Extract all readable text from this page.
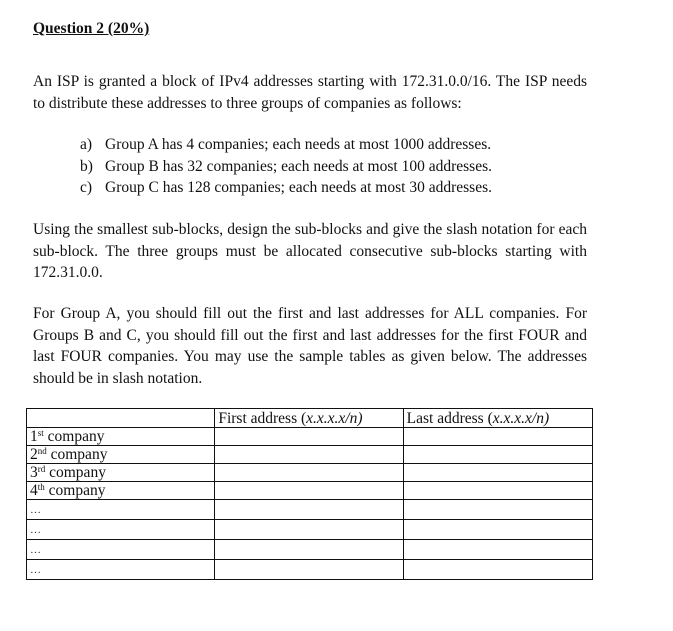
Question 2 (20%)

An ISP is granted a block of IPv4 addresses starting with 172.31.0.0/16. The ISP needs to distribute these addresses to three groups of companies as follows:

a) Group A has 4 companies; each needs at most 1000 addresses.
b) Group B has 32 companies; each needs at most 100 addresses.
c) Group C has 128 companies; each needs at most 30 addresses.

Using the smallest sub-blocks, design the sub-blocks and give the slash notation for each sub-block. The three groups must be allocated consecutive sub-blocks starting with 172.31.0.0.

For Group A, you should fill out the first and last addresses for ALL companies. For Groups B and C, you should fill out the first and last addresses for the first FOUR and last FOUR companies. You may use the sample tables as given below. The addresses should be in slash notation.

	First address (x.x.x.x/n)	Last address (x.x.x.x/n)
1st company		
2nd company		
3rd company		
4th company		
…		
…		
…		
…		
